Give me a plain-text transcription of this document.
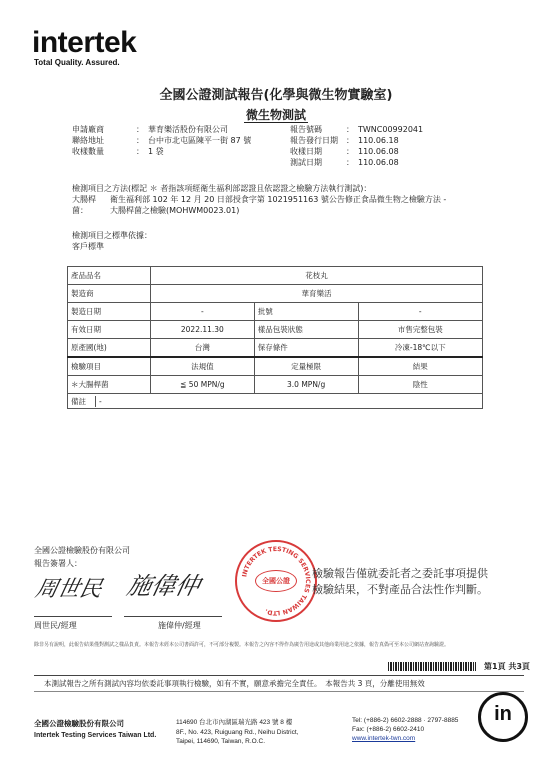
intertek
Total Quality. Assured.
全國公證測試報告(化學與微生物實驗室)
微生物測試
申請廠商	：　華育樂活股份有限公司
聯絡地址	：　台中市北屯區陳平一街 87 號
收樣數量	：　1 袋
報告號碼	：　TWNC00992041
報告發行日期 ：　110.06.18
收樣日期	：　110.06.08
測試日期	：　110.06.08
檢測項目之方法(標記 ＊ 者指該項經衛生福利部認證且依認證之檢驗方法執行測試)：
大腸桿菌：
衛生福利部 102 年 12 月 20 日部授食字第 1021951163 號公告修正食品微生物之檢驗方法 -
大腸桿菌之檢驗(MOHWM0023.01)
檢測項目之標準依據：
客戶標準
產品品名	花枝丸		
製造商	華育樂活		
製造日期	-	批號	-
有效日期	2022.11.30	樣品包裝狀態	市售完整包裝
原產國(地)	台灣	保存條件	冷凍-18℃以下
檢驗項目	法規值	定量極限	結果
＊大腸桿菌	≦ 50 MPN/g	3.0 MPN/g	陰性
備註 -			
全國公證檢驗股份有限公司
報告簽署人：
周世民 施偉仲	INTERTEK TESTING SERVICES TAIWAN LTD.
全國公證
檢驗報告僅就委託者之委託事項提供
檢驗結果，不對產品合法性作判斷。
周世民/經理	施偉仲/經理
除非另有說明，此報告結果僅對測試之樣品負責。本報告未經本公司書面許可，不可部分複製。本報告之內容不得作為廣告用途或其他商業用途之依據，報告真偽可至本公司網站查詢驗證。
第1頁 共3頁
本測試報告之所有測試內容均依委託事項執行檢驗，如有不實，願意承擔完全責任。　本報告共 3 頁，分離使用無效
全國公證檢驗股份有限公司
Intertek Testing Services Taiwan Ltd.
114690 台北市內湖區瑞光路 423 號 8 樓
8F., No. 423, Ruiguang Rd., Neihu District,
Taipei, 114690, Taiwan, R.O.C.
Tel: (+886-2) 6602-2888 · 2797-8885
Fax: (+886-2) 6602-2410
www.intertek-twn.com
in
